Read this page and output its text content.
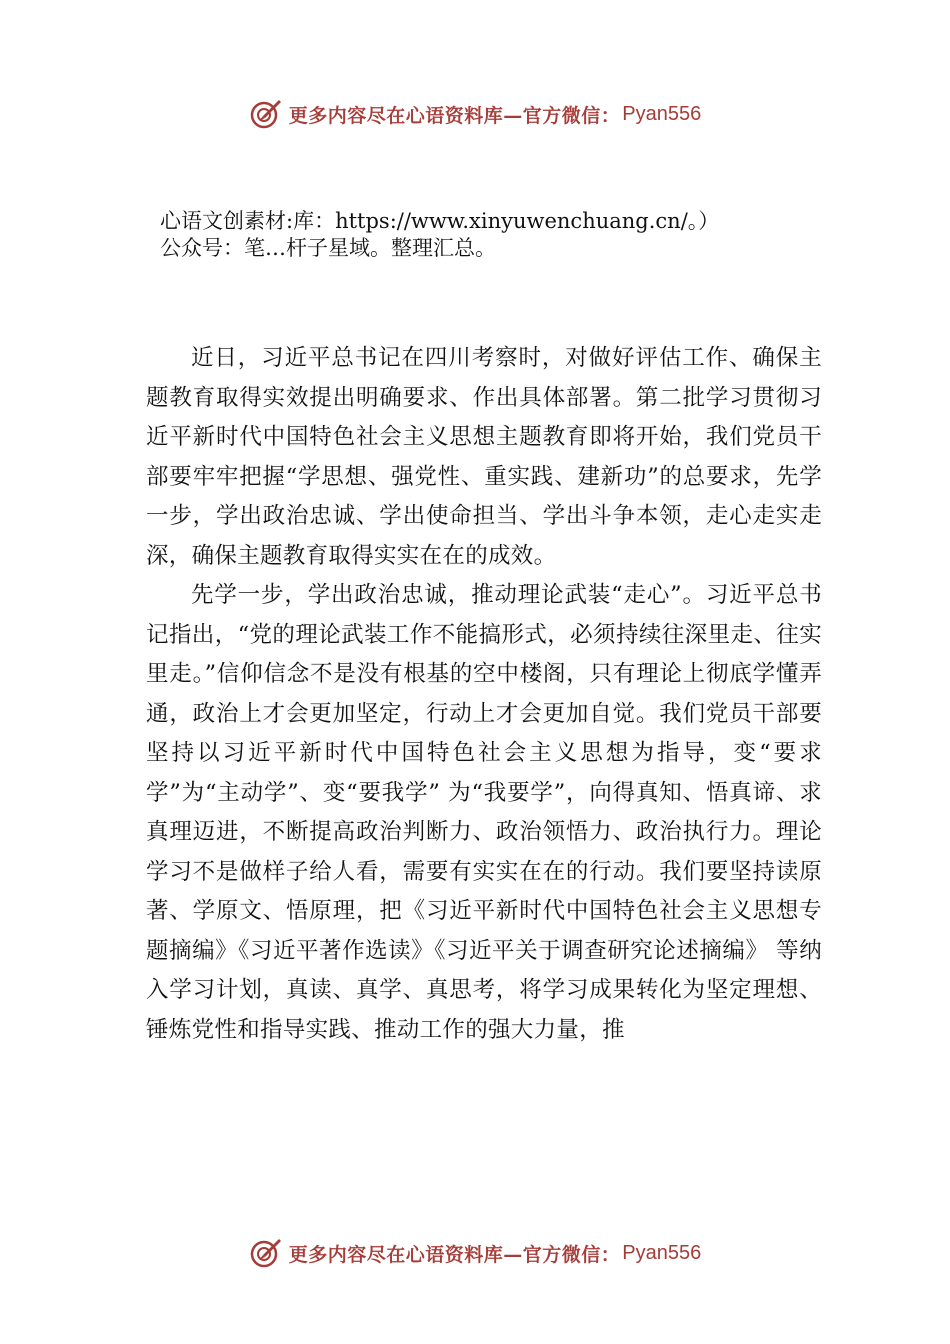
更多内容尽在心语资料库—官方微信： Pyan556
心语文创素材:库：https://www.xinyuwenchuang.cn/。）
公众号：笔…杆子星域。整理汇总。

近日，习近平总书记在四川考察时，对做好评估工作、确保主题教育取得实效提出明确要求、作出具体部署。第二批学习贯彻习近平新时代中国特色社会主义思想主题教育即将开始，我们党员干部要牢牢把握“学思想、强党性、重实践、建新功”的总要求，先学一步，学出政治忠诚、学出使命担当、学出斗争本领，走心走实走深，确保主题教育取得实实在在的成效。

先学一步，学出政治忠诚，推动理论武装“走心”。习近平总书记指出，“党的理论武装工作不能搞形式，必须持续往深里走、往实里走。”信仰信念不是没有根基的空中楼阁，只有理论上彻底学懂弄通，政治上才会更加坚定，行动上才会更加自觉。我们党员干部要坚持以习近平新时代中国特色社会主义思想为指导，变“要求学”为“主动学”、变“要我学” 为“我要学”，向得真知、悟真谛、求真理迈进，不断提高政治判断力、政治领悟力、政治执行力。理论学习不是做样子给人看，需要有实实在在的行动。我们要坚持读原著、学原文、悟原理，把《习近平新时代中国特色社会主义思想专题摘编》《习近平著作选读》《习近平关于调查研究论述摘编》 等纳入学习计划，真读、真学、真思考，将学习成果转化为坚定理想、锤炼党性和指导实践、推动工作的强大力量，推

更多内容尽在心语资料库—官方微信： Pyan556
